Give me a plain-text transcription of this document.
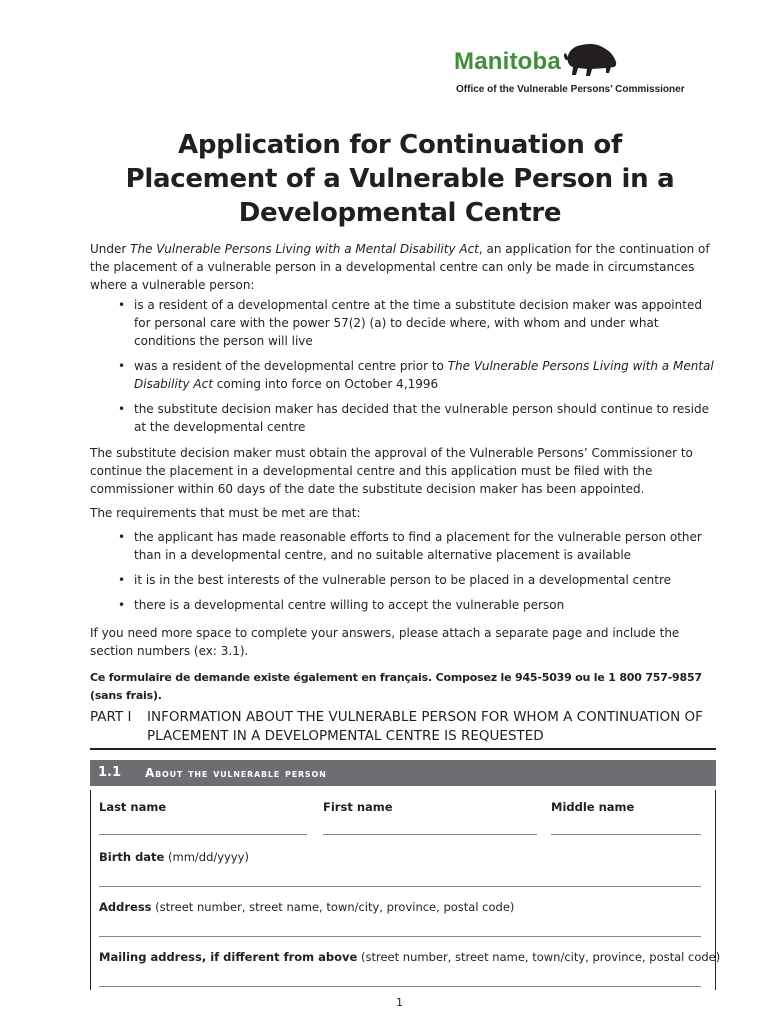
Manitoba
Office of the Vulnerable Persons’ Commissioner
Application for Continuation of
Placement of a Vulnerable Person in a
Developmental Centre
Under The Vulnerable Persons Living with a Mental Disability Act, an application for the continuation of the placement of a vulnerable person in a developmental centre can only be made in circumstances where a vulnerable person:
• is a resident of a developmental centre at the time a substitute decision maker was appointed for personal care with the power 57(2) (a) to decide where, with whom and under what conditions the person will live
• was a resident of the developmental centre prior to The Vulnerable Persons Living with a Mental Disability Act coming into force on October 4,1996
• the substitute decision maker has decided that the vulnerable person should continue to reside at the developmental centre
The substitute decision maker must obtain the approval of the Vulnerable Persons’ Commissioner to continue the placement in a developmental centre and this application must be filed with the commissioner within 60 days of the date the substitute decision maker has been appointed.
The requirements that must be met are that:
• the applicant has made reasonable efforts to find a placement for the vulnerable person other than in a developmental centre, and no suitable alternative placement is available
• it is in the best interests of the vulnerable person to be placed in a developmental centre
• there is a developmental centre willing to accept the vulnerable person
If you need more space to complete your answers, please attach a separate page and include the section numbers (ex: 3.1).
Ce formulaire de demande existe également en français. Composez le 945-5039 ou le 1 800 757-9857 (sans frais).
PART I INFORMATION ABOUT THE VULNERABLE PERSON FOR WHOM A CONTINUATION OF PLACEMENT IN A DEVELOPMENTAL CENTRE IS REQUESTED
1.1 About the vulnerable person
Last name	First name	Middle name
Birth date (mm/dd/yyyy)
Address (street number, street name, town/city, province, postal code)
Mailing address, if different from above (street number, street name, town/city, province, postal code)
1
